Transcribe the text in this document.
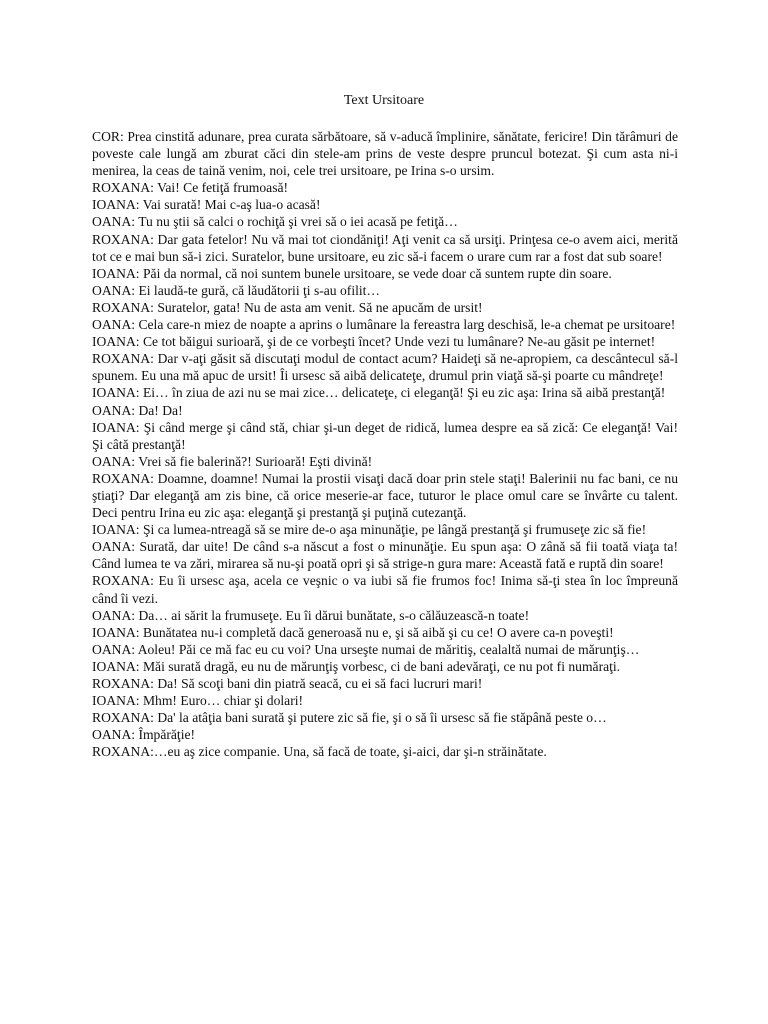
Text Ursitoare

COR: Prea cinstită adunare, prea curata sărbătoare, să v-aducă împlinire, sănătate, fericire! Din tărâmuri de poveste cale lungă am zburat căci din stele-am prins de veste despre pruncul botezat. Şi cum asta ni-i menirea, la ceas de taină venim, noi, cele trei ursitoare, pe Irina s-o ursim.

ROXANA: Vai! Ce fetiţă frumoasă!

IOANA: Vai surată! Mai c-aş lua-o acasă!

OANA: Tu nu ştii să calci o rochiţă şi vrei să o iei acasă pe fetiţă…

ROXANA: Dar gata fetelor! Nu vă mai tot ciondăniţi! Aţi venit ca să ursiţi. Prinţesa ce-o avem aici, merită tot ce e mai bun să-i zici. Suratelor, bune ursitoare, eu zic să-i facem o urare cum rar a fost dat sub soare!

IOANA: Păi da normal, că noi suntem bunele ursitoare, se vede doar că suntem rupte din soare.

OANA: Ei laudă-te gură, că lăudătorii ţi s-au ofilit…

ROXANA: Suratelor, gata! Nu de asta am venit. Să ne apucăm de ursit!

OANA: Cela care-n miez de noapte a aprins o lumânare la fereastra larg deschisă, le-a chemat pe ursitoare!

IOANA: Ce tot băigui surioară, şi de ce vorbeşti încet? Unde vezi tu lumânare? Ne-au găsit pe internet!

ROXANA: Dar v-aţi găsit să discutaţi modul de contact acum? Haideţi să ne-apropiem, ca descântecul să-l spunem. Eu una mă apuc de ursit! Îi ursesc să aibă delicateţe, drumul prin viaţă să-şi poarte cu mândreţe!

IOANA: Ei… în ziua de azi nu se mai zice… delicateţe, ci eleganţă! Şi eu zic aşa: Irina să aibă prestanţă!

OANA: Da! Da!

IOANA: Şi când merge şi când stă, chiar şi-un deget de ridică, lumea despre ea să zică: Ce eleganţă! Vai! Şi câtă prestanţă!

OANA: Vrei să fie balerină?! Surioară! Eşti divină!

ROXANA: Doamne, doamne! Numai la prostii visaţi dacă doar prin stele staţi! Balerinii nu fac bani, ce nu ştiaţi? Dar eleganţă am zis bine, că orice meserie-ar face, tuturor le place omul care se învârte cu talent. Deci pentru Irina eu zic aşa: eleganţă şi prestanţă şi puţină cutezanţă.

IOANA: Şi ca lumea-ntreagă să se mire de-o aşa minunăţie, pe lângă prestanţă şi frumuseţe zic să fie!

OANA: Surată, dar uite! De când s-a născut a fost o minunăţie. Eu spun aşa: O zână să fii toată viaţa ta! Când lumea te va zări, mirarea să nu-şi poată opri şi să strige-n gura mare: Această fată e ruptă din soare!

ROXANA: Eu îi ursesc aşa, acela ce veşnic o va iubi să fie frumos foc! Inima să-ţi stea în loc împreună când îi vezi.

OANA: Da… ai sărit la frumuseţe. Eu îi dărui bunătate, s-o călăuzească-n toate!

IOANA: Bunătatea nu-i completă dacă generoasă nu e, şi să aibă şi cu ce! O avere ca-n poveşti!

OANA: Aoleu! Păi ce mă fac eu cu voi? Una urseşte numai de măritiş, cealaltă numai de mărunţiş…

IOANA: Măi surată dragă, eu nu de mărunţiş vorbesc, ci de bani adevăraţi, ce nu pot fi număraţi.

ROXANA: Da! Să scoţi bani din piatră seacă, cu ei să faci lucruri mari!

IOANA: Mhm! Euro… chiar şi dolari!

ROXANA: Da' la atâţia bani surată şi putere zic să fie, şi o să îi ursesc să fie stăpână peste o…

OANA: Împărăţie!

ROXANA:…eu aş zice companie. Una, să facă de toate, şi-aici, dar şi-n străinătate.
